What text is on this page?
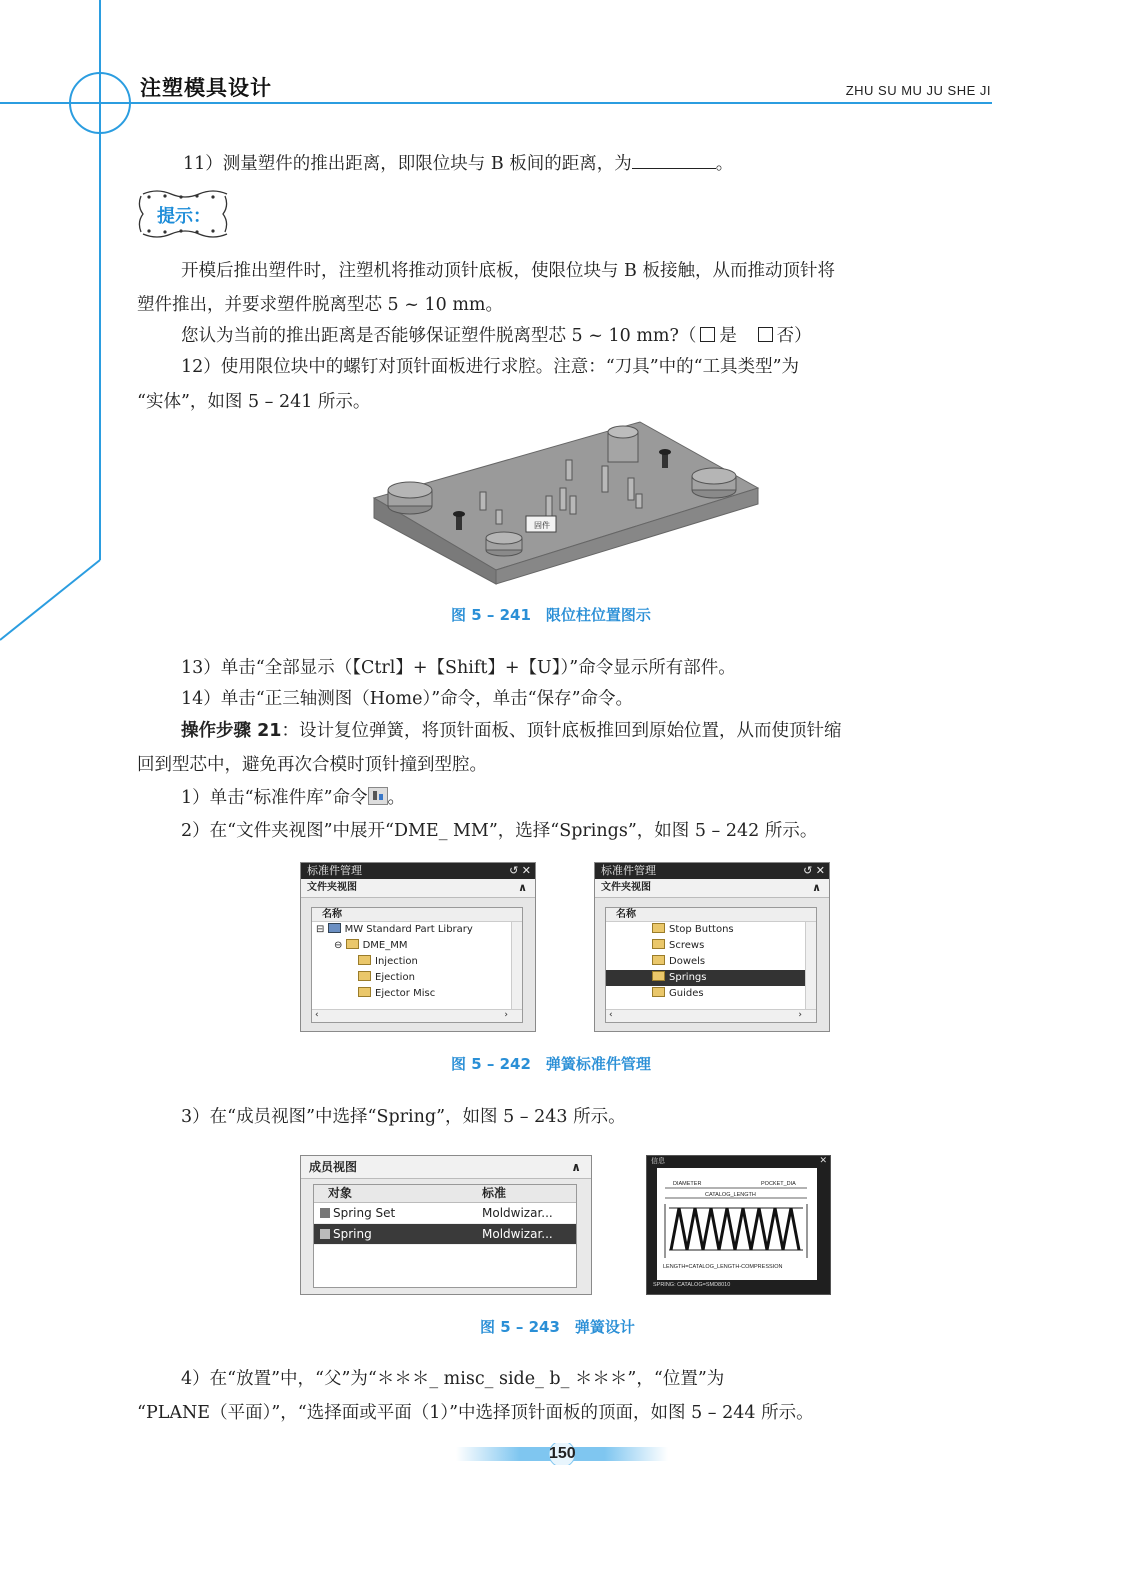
注塑模具设计	ZHU SU MU JU SHE JI
11）测量塑件的推出距离，即限位块与 B 板间的距离，为	。
提示：
开模后推出塑件时，注塑机将推动顶针底板，使限位块与 B 板接触，从而推动顶针将
塑件推出，并要求塑件脱离型芯 5 ~ 10 mm。
您认为当前的推出距离是否能够保证塑件脱离型芯 5 ~ 10 mm?（ 是 否）
12）使用限位块中的螺钉对顶针面板进行求腔。注意：“刀具”中的“工具类型”为
“实体”，如图 5 – 241 所示。
固件
图 5 – 241　限位柱位置图示
13）单击“全部显示（【Ctrl】+【Shift】+【U】）”命令显示所有部件。
14）单击“正三轴测图（Home）”命令，单击“保存”命令。
操作步骤 21：设计复位弹簧，将顶针面板、顶针底板推回到原始位置，从而使顶针缩
回到型芯中，避免再次合模时顶针撞到型腔。
1）单击“标准件库”命令 。
2）在“文件夹视图”中展开“DME_ MM”，选择“Springs”，如图 5 – 242 所示。
标准件管理	↺ ✕
文件夹视图	∧
名称
⊟ MW Standard Part Library
⊖ DME_MM
Injection
Ejection
Ejector Misc
‹	›
标准件管理	↺ ✕
文件夹视图	∧
名称
Stop Buttons
Screws
Dowels
Springs
Guides
‹	›
图 5 – 242　弹簧标准件管理
3）在“成员视图”中选择“Spring”，如图 5 – 243 所示。
成员视图	∧
对象	标准
Spring Set	Moldwizar...
Spring	Moldwizar...
信息	✕
DIAMETER	POCKET_DIA
CATALOG_LENGTH
LENGTH=CATALOG_LENGTH-COMPRESSION
SPRING: CATALOG=SMD8010
图 5 – 243　弹簧设计
4）在“放置”中，“父”为“＊＊＊_ misc_ side_ b_ ＊＊＊”，“位置”为
“PLANE（平面）”，“选择面或平面（1）”中选择顶针面板的顶面，如图 5 – 244 所示。
150
